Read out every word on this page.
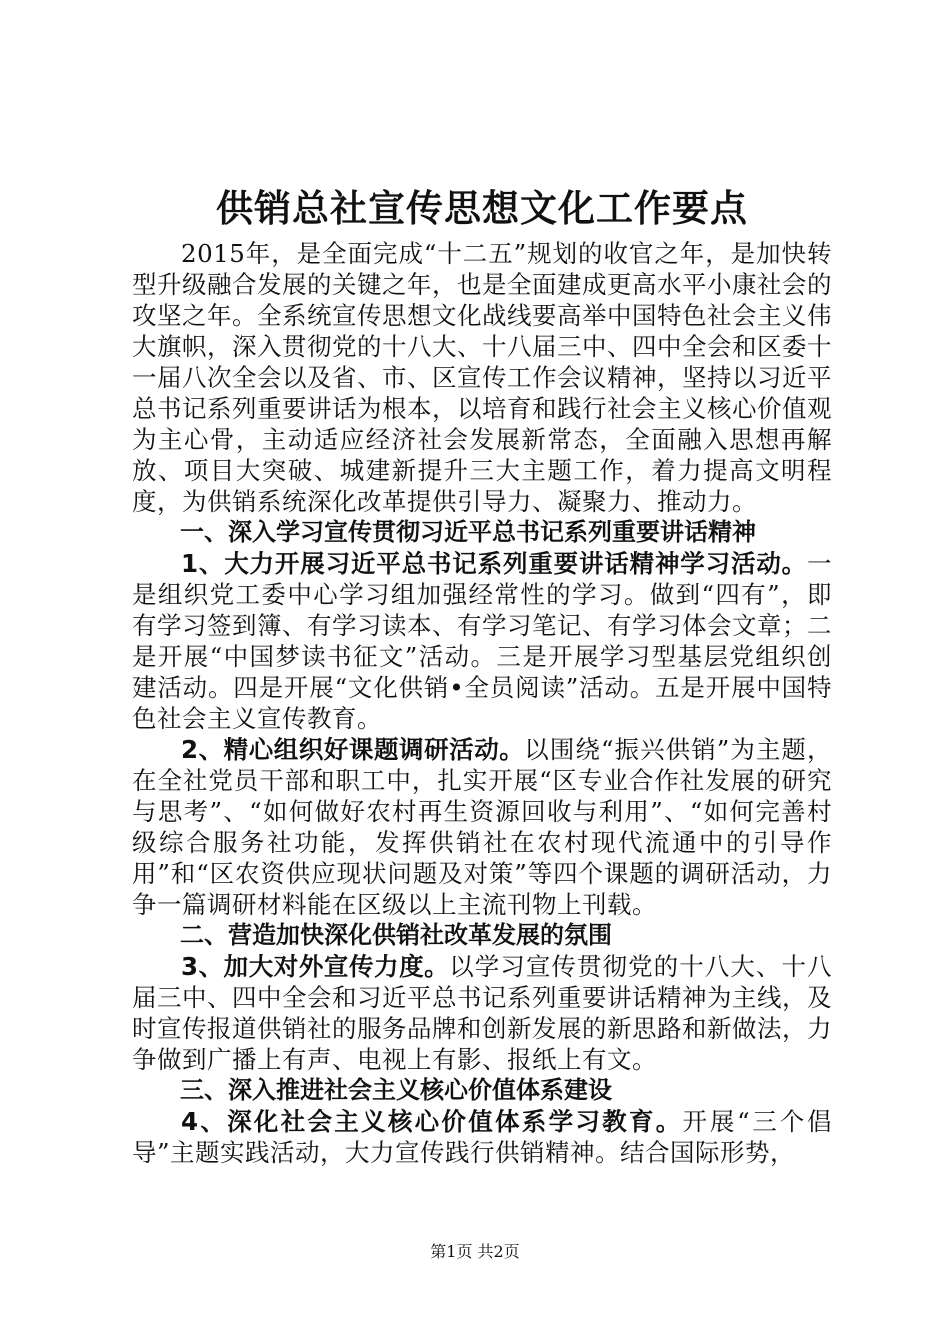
供销总社宣传思想文化工作要点

2015年，是全面完成“十二五”规划的收官之年，是加快转型升级融合发展的关键之年，也是全面建成更高水平小康社会的攻坚之年。全系统宣传思想文化战线要高举中国特色社会主义伟大旗帜，深入贯彻党的十八大、十八届三中、四中全会和区委十一届八次全会以及省、市、区宣传工作会议精神，坚持以习近平总书记系列重要讲话为根本，以培育和践行社会主义核心价值观为主心骨，主动适应经济社会发展新常态，全面融入思想再解放、项目大突破、城建新提升三大主题工作，着力提高文明程度，为供销系统深化改革提供引导力、凝聚力、推动力。

一、深入学习宣传贯彻习近平总书记系列重要讲话精神

1、大力开展习近平总书记系列重要讲话精神学习活动。一是组织党工委中心学习组加强经常性的学习。做到“四有”，即有学习签到簿、有学习读本、有学习笔记、有学习体会文章；二是开展“中国梦读书征文”活动。三是开展学习型基层党组织创建活动。四是开展“文化供销•全员阅读”活动。五是开展中国特色社会主义宣传教育。

2、精心组织好课题调研活动。以围绕“振兴供销”为主题，在全社党员干部和职工中，扎实开展“区专业合作社发展的研究与思考”、“如何做好农村再生资源回收与利用”、“如何完善村级综合服务社功能，发挥供销社在农村现代流通中的引导作用”和“区农资供应现状问题及对策”等四个课题的调研活动，力争一篇调研材料能在区级以上主流刊物上刊载。

二、营造加快深化供销社改革发展的氛围

3、加大对外宣传力度。以学习宣传贯彻党的十八大、十八届三中、四中全会和习近平总书记系列重要讲话精神为主线，及时宣传报道供销社的服务品牌和创新发展的新思路和新做法，力争做到广播上有声、电视上有影、报纸上有文。

三、深入推进社会主义核心价值体系建设

4、深化社会主义核心价值体系学习教育。开展“三个倡导”主题实践活动，大力宣传践行供销精神。结合国际形势，

第1页 共2页
